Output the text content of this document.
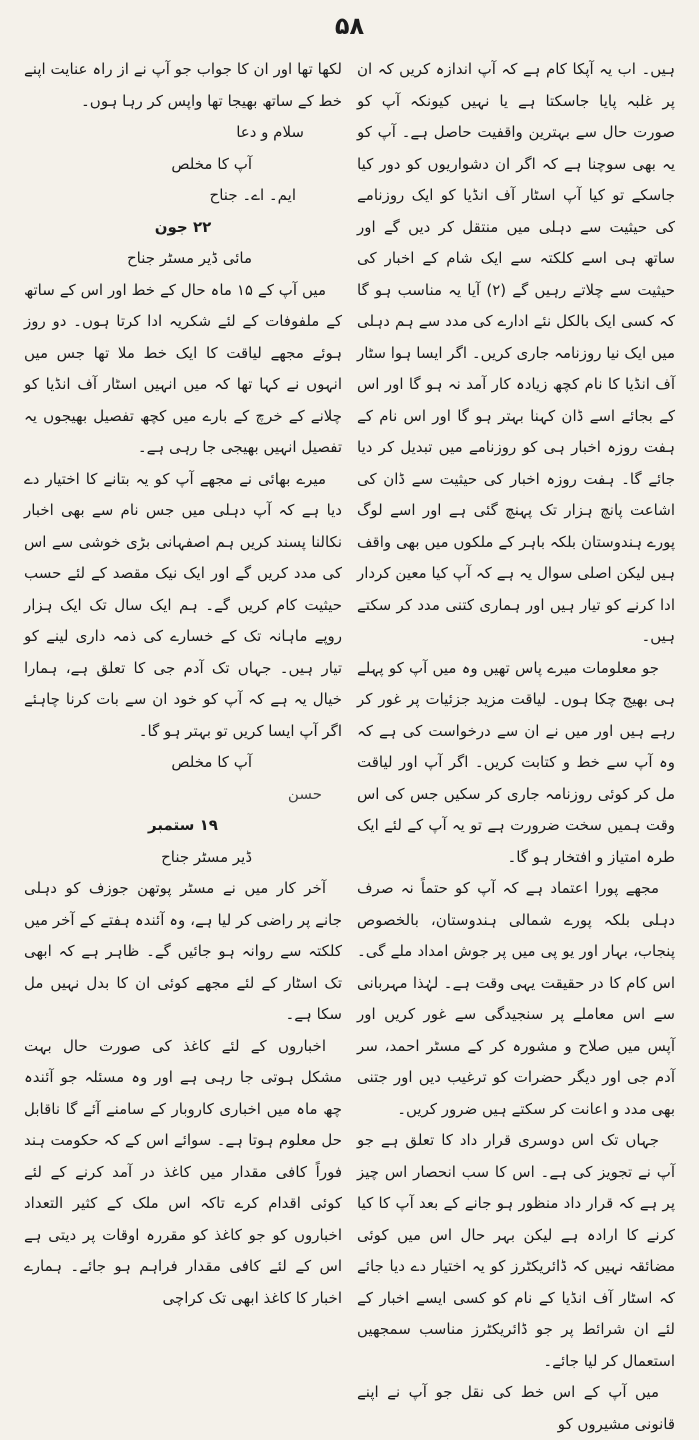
۵۸

ہیں۔ اب یہ آپکا کام ہے کہ آپ اندازہ کریں کہ ان پر غلبہ پایا جاسکتا ہے یا نہیں کیونکہ آپ کو صورت حال سے بہترین واقفیت حاصل ہے۔ آپ کو یہ بھی سوچنا ہے کہ اگر ان دشواریوں کو دور کیا جاسکے تو کیا آپ اسٹار آف انڈیا کو ایک روزنامے کی حیثیت سے دہلی میں منتقل کر دیں گے اور ساتھ ہی اسے کلکتہ سے ایک شام کے اخبار کی حیثیت سے چلاتے رہیں گے (۲) آیا یہ مناسب ہو گا کہ کسی ایک بالکل نئے ادارے کی مدد سے ہم دہلی میں ایک نیا روزنامہ جاری کریں۔ اگر ایسا ہوا سٹار آف انڈیا کا نام کچھ زیادہ کار آمد نہ ہو گا اور اس کے بجائے اسے ڈان کہنا بہتر ہو گا اور اس نام کے ہفت روزہ اخبار ہی کو روزنامے میں تبدیل کر دیا جائے گا۔ ہفت روزہ اخبار کی حیثیت سے ڈان کی اشاعت پانچ ہزار تک پہنچ گئی ہے اور اسے لوگ پورے ہندوستان بلکہ باہر کے ملکوں میں بھی واقف ہیں لیکن اصلی سوال یہ ہے کہ آپ کیا معین کردار ادا کرنے کو تیار ہیں اور ہماری کتنی مدد کر سکتے ہیں۔

جو معلومات میرے پاس تھیں وہ میں آپ کو پہلے ہی بھیج چکا ہوں۔ لیاقت مزید جزئیات پر غور کر رہے ہیں اور میں نے ان سے درخواست کی ہے کہ وہ آپ سے خط و کتابت کریں۔ اگر آپ اور لیاقت مل کر کوئی روزنامہ جاری کر سکیں جس کی اس وقت ہمیں سخت ضرورت ہے تو یہ آپ کے لئے ایک طرہ امتیاز و افتخار ہو گا۔

مجھے پورا اعتماد ہے کہ آپ کو حتماً نہ صرف دہلی بلکہ پورے شمالی ہندوستان، بالخصوص پنجاب، بہار اور یو پی میں پر جوش امداد ملے گی۔ اس کام کا در حقیقت یہی وقت ہے۔ لہٰذا مہربانی سے اس معاملے پر سنجیدگی سے غور کریں اور آپس میں صلاح و مشورہ کر کے مسٹر احمد، سر آدم جی اور دیگر حضرات کو ترغیب دیں اور جتنی بھی مدد و اعانت کر سکتے ہیں ضرور کریں۔

جہاں تک اس دوسری قرار داد کا تعلق ہے جو آپ نے تجویز کی ہے۔ اس کا سب انحصار اس چیز پر ہے کہ قرار داد منظور ہو جانے کے بعد آپ کا کیا کرنے کا ارادہ ہے لیکن بہر حال اس میں کوئی مضائقہ نہیں کہ ڈائریکٹرز کو یہ اختیار دے دیا جائے کہ اسٹار آف انڈیا کے نام کو کسی ایسے اخبار کے لئے ان شرائط پر جو ڈائریکٹرز مناسب سمجھیں استعمال کر لیا جائے۔

میں آپ کے اس خط کی نقل جو آپ نے اپنے قانونی مشیروں کو

لکھا تھا اور ان کا جواب جو آپ نے از راہ عنایت اپنے خط کے ساتھ بھیجا تھا واپس کر رہا ہوں۔

سلام و دعا

آپ کا مخلص

ایم۔ اے۔ جناح

۲۲ جون

مائی ڈیر مسٹر جناح

میں آپ کے ۱۵ ماہ حال کے خط اور اس کے ساتھ کے ملفوفات کے لئے شکریہ ادا کرتا ہوں۔ دو روز ہوئے مجھے لیاقت کا ایک خط ملا تھا جس میں انہوں نے کہا تھا کہ میں انہیں اسٹار آف انڈیا کو چلانے کے خرچ کے بارے میں کچھ تفصیل بھیجوں یہ تفصیل انہیں بھیجی جا رہی ہے۔

میرے بھائی نے مجھے آپ کو یہ بتانے کا اختیار دے دیا ہے کہ آپ دہلی میں جس نام سے بھی اخبار نکالنا پسند کریں ہم اصفہانی بڑی خوشی سے اس کی مدد کریں گے اور ایک نیک مقصد کے لئے حسب حیثیت کام کریں گے۔ ہم ایک سال تک ایک ہزار روپے ماہانہ تک کے خسارے کی ذمہ داری لینے کو تیار ہیں۔ جہاں تک آدم جی کا تعلق ہے، ہمارا خیال یہ ہے کہ آپ کو خود ان سے بات کرنا چاہئے اگر آپ ایسا کریں تو بہتر ہو گا۔

آپ کا مخلص

حسن

۱۹ ستمبر

ڈیر مسٹر جناح

آخر کار میں نے مسٹر پوتھن جوزف کو دہلی جانے پر راضی کر لیا ہے، وہ آئندہ ہفتے کے آخر میں کلکتہ سے روانہ ہو جائیں گے۔ ظاہر ہے کہ ابھی تک اسٹار کے لئے مجھے کوئی ان کا بدل نہیں مل سکا ہے۔

اخباروں کے لئے کاغذ کی صورت حال بہت مشکل ہوتی جا رہی ہے اور وہ مسئلہ جو آئندہ چھ ماہ میں اخباری کاروبار کے سامنے آئے گا ناقابل حل معلوم ہوتا ہے۔ سوائے اس کے کہ حکومت ہند فوراً کافی مقدار میں کاغذ در آمد کرنے کے لئے کوئی اقدام کرے تاکہ اس ملک کے کثیر التعداد اخباروں کو جو کاغذ کو مقررہ اوقات پر دیتی ہے اس کے لئے کافی مقدار فراہم ہو جائے۔ ہمارے اخبار کا کاغذ ابھی تک کراچی
